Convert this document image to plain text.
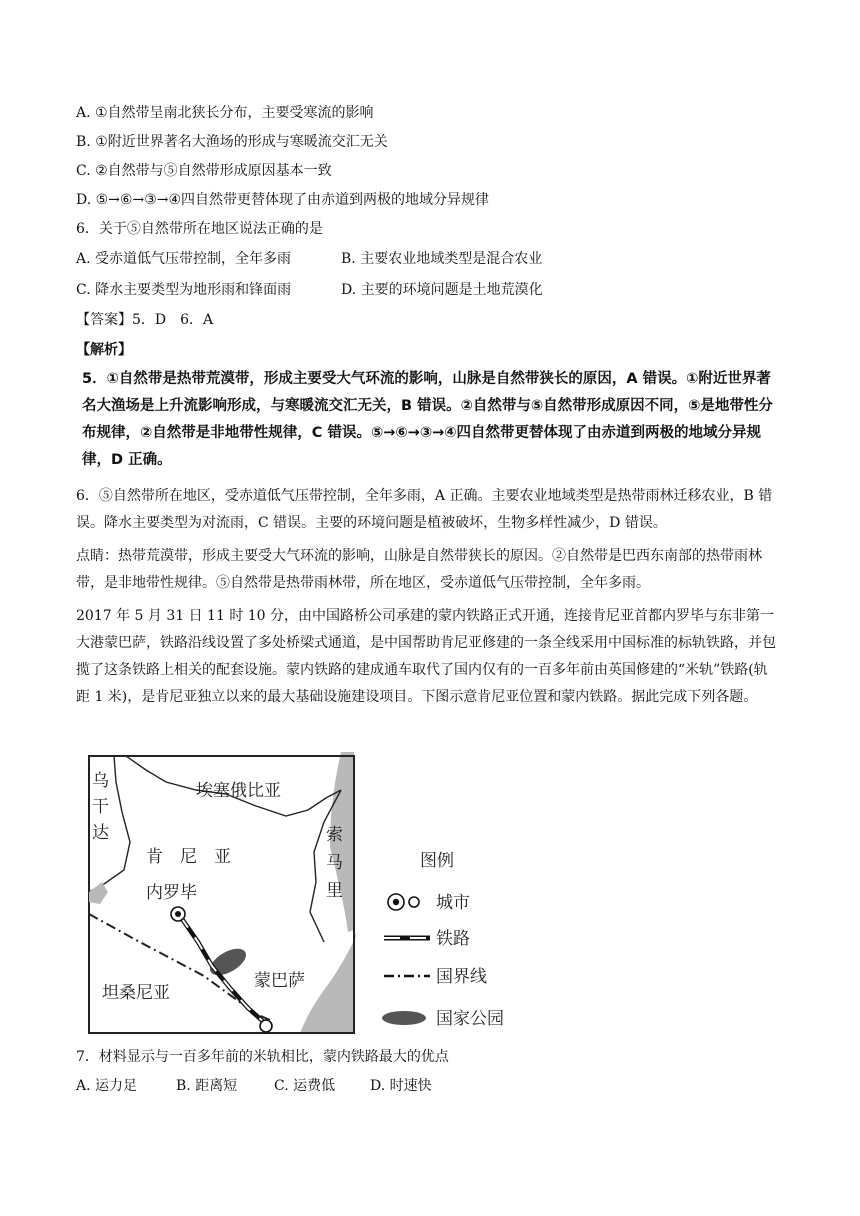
A. ①自然带呈南北狭长分布，主要受寒流的影响
B. ①附近世界著名大渔场的形成与寒暖流交汇无关
C. ②自然带与⑤自然带形成原因基本一致
D. ⑤→⑥→③→④四自然带更替体现了由赤道到两极的地域分异规律
6．关于⑤自然带所在地区说法正确的是
A. 受赤道低气压带控制，全年多雨	B. 主要农业地域类型是混合农业
C. 降水主要类型为地形雨和锋面雨	D. 主要的环境问题是土地荒漠化
【答案】5．D　6．A
【解析】
5．①自然带是热带荒漠带，形成主要受大气环流的影响，山脉是自然带狭长的原因，A 错误。①附近世界著名大渔场是上升流影响形成，与寒暖流交汇无关，B 错误。②自然带与⑤自然带形成原因不同，⑤是地带性分布规律，②自然带是非地带性规律，C 错误。⑤→⑥→③→④四自然带更替体现了由赤道到两极的地域分异规律，D 正确。
6．⑤自然带所在地区，受赤道低气压带控制，全年多雨，A 正确。主要农业地域类型是热带雨林迁移农业，B 错误。降水主要类型为对流雨，C 错误。主要的环境问题是植被破坏，生物多样性减少，D 错误。
点睛：热带荒漠带，形成主要受大气环流的影响，山脉是自然带狭长的原因。②自然带是巴西东南部的热带雨林带，是非地带性规律。⑤自然带是热带雨林带，所在地区，受赤道低气压带控制，全年多雨。
2017 年 5 月 31 日 11 时 10 分，由中国路桥公司承建的蒙内铁路正式开通，连接肯尼亚首都内罗毕与东非第一大港蒙巴萨，铁路沿线设置了多处桥梁式通道，是中国帮助肯尼亚修建的一条全线采用中国标准的标轨铁路，并包揽了这条铁路上相关的配套设施。蒙内铁路的建成通车取代了国内仅有的一百多年前由英国修建的“米轨”铁路(轨距 1 米)，是肯尼亚独立以来的最大基础设施建设项目。下图示意肯尼亚位置和蒙内铁路。据此完成下列各题。
埃塞俄比亚
乌
干
达	索
马
里
肯　尼　亚
内罗毕
蒙巴萨
坦桑尼亚
图例
城市
铁路
国界线
国家公园
7．材料显示与一百多年前的米轨相比，蒙内铁路最大的优点
A. 运力足	B. 距离短	C. 运费低 D. 时速快
